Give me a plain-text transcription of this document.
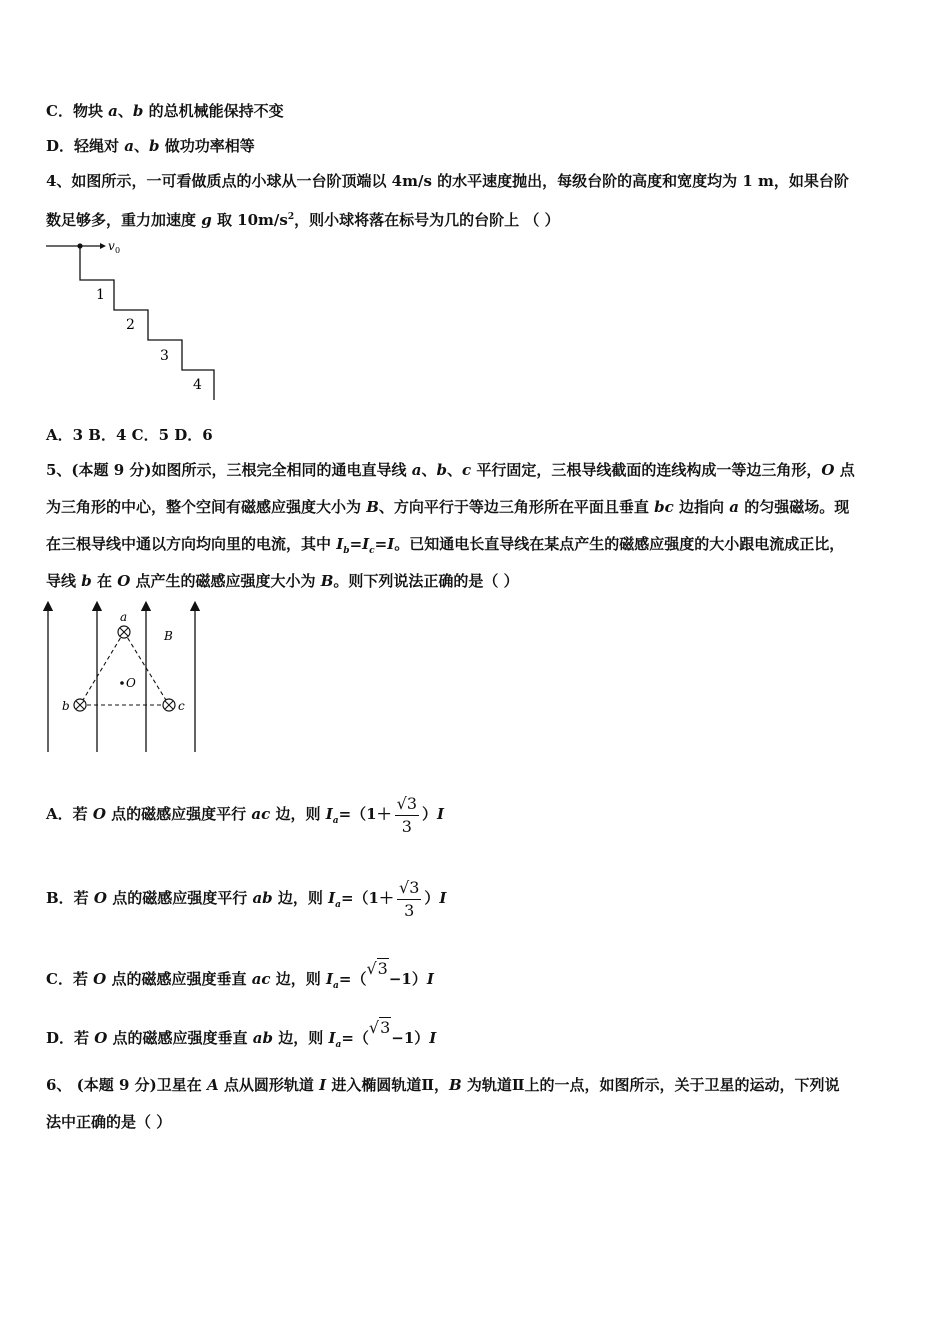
C．物块 a、b 的总机械能保持不变
D．轻绳对 a、b 做功功率相等
4、如图所示，一可看做质点的小球从一台阶顶端以 4m/s 的水平速度抛出，每级台阶的高度和宽度均为 1 m，如果台阶
数足够多，重力加速度 g 取 $10m/s^2$，则小球将落在标号为几的台阶上 （ ）
v 0
1
2
3
4
A．3 B．4 C．5 D．6
5、(本题 9 分)如图所示，三根完全相同的通电直导线 a、b、c 平行固定，三根导线截面的连线构成一等边三角形，O 点
为三角形的中心，整个空间有磁感应强度大小为 B、方向平行于等边三角形所在平面且垂直 bc 边指向 a 的匀强磁场。现
在三根导线中通以方向均向里的电流，其中 $I_b=I_c=I$。已知通电长直导线在某点产生的磁感应强度的大小跟电流成正比，
导线 b 在 O 点产生的磁感应强度大小为 B。则下列说法正确的是（ ）
a
b	c
O
B
A．若 O 点的磁感应强度平行 ac 边，则 $I_a=(1+ \frac{√3}{3} )I$
B．若 O 点的磁感应强度平行 ab 边，则 $I_a=(1+ \frac{√3}{3} )I$
C．若 O 点的磁感应强度垂直 ac 边，则 $I_a=(√3-1)I$
D．若 O 点的磁感应强度垂直 ab 边，则 $I_a=(√3-1)I$
6、 (本题 9 分)卫星在 A 点从圆形轨道 I 进入椭圆轨道Ⅱ，B 为轨道Ⅱ上的一点，如图所示，关于卫星的运动，下列说
法中正确的是（ ）
